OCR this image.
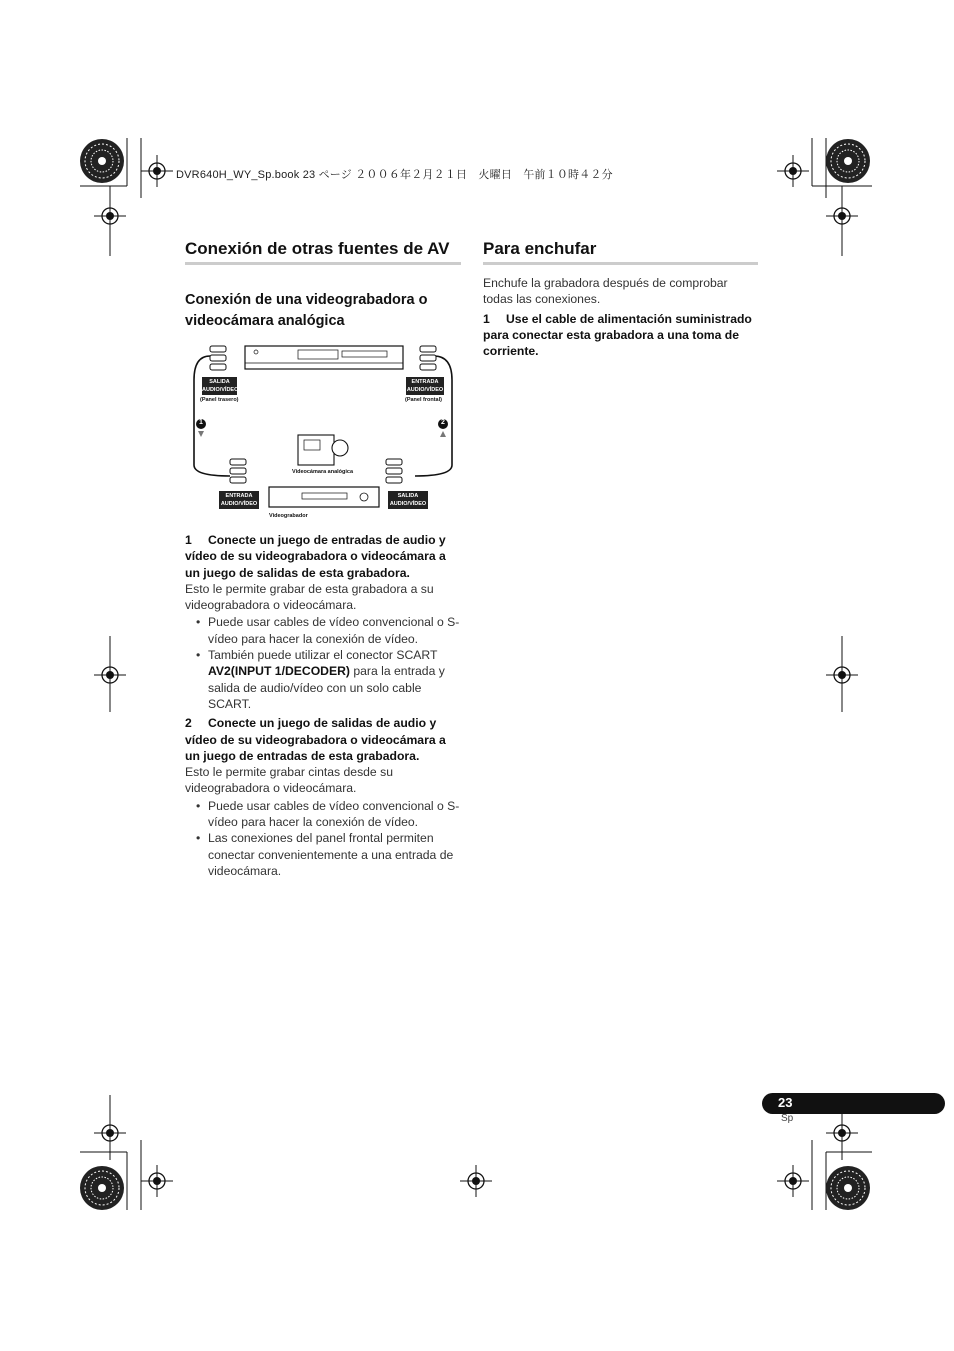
DVR640H_WY_Sp.book 23 ページ ２００６年２月２１日　火曜日　午前１０時４２分
Conexión de otras fuentes de AV
Conexión de una videograbadora o
videocámara analógica
SALIDA
AUDIO/VÍDEO
(Panel trasero)
ENTRADA
AUDIO/VÍDEO
(Panel frontal)
1	2
Videocámara analógica
ENTRADA
AUDIO/VÍDEO
SALIDA
AUDIO/VÍDEO
Videograbador

1 Conecte un juego de entradas de audio y vídeo de su videograbadora o videocámara a un juego de salidas de esta grabadora.

Esto le permite grabar de esta grabadora a su videograbadora o videocámara.

• Puede usar cables de vídeo convencional o S-vídeo para hacer la conexión de vídeo.
• También puede utilizar el conector SCART AV2(INPUT 1/DECODER) para la entrada y salida de audio/vídeo con un solo cable SCART.

2 Conecte un juego de salidas de audio y vídeo de su videograbadora o videocámara a un juego de entradas de esta grabadora.

Esto le permite grabar cintas desde su videograbadora o videocámara.

• Puede usar cables de vídeo convencional o S-vídeo para hacer la conexión de vídeo.
• Las conexiones del panel frontal permiten conectar convenientemente a una entrada de videocámara.
Para enchufar

Enchufe la grabadora después de comprobar todas las conexiones.

1 Use el cable de alimentación suministrado para conectar esta grabadora a una toma de corriente.

23
Sp
